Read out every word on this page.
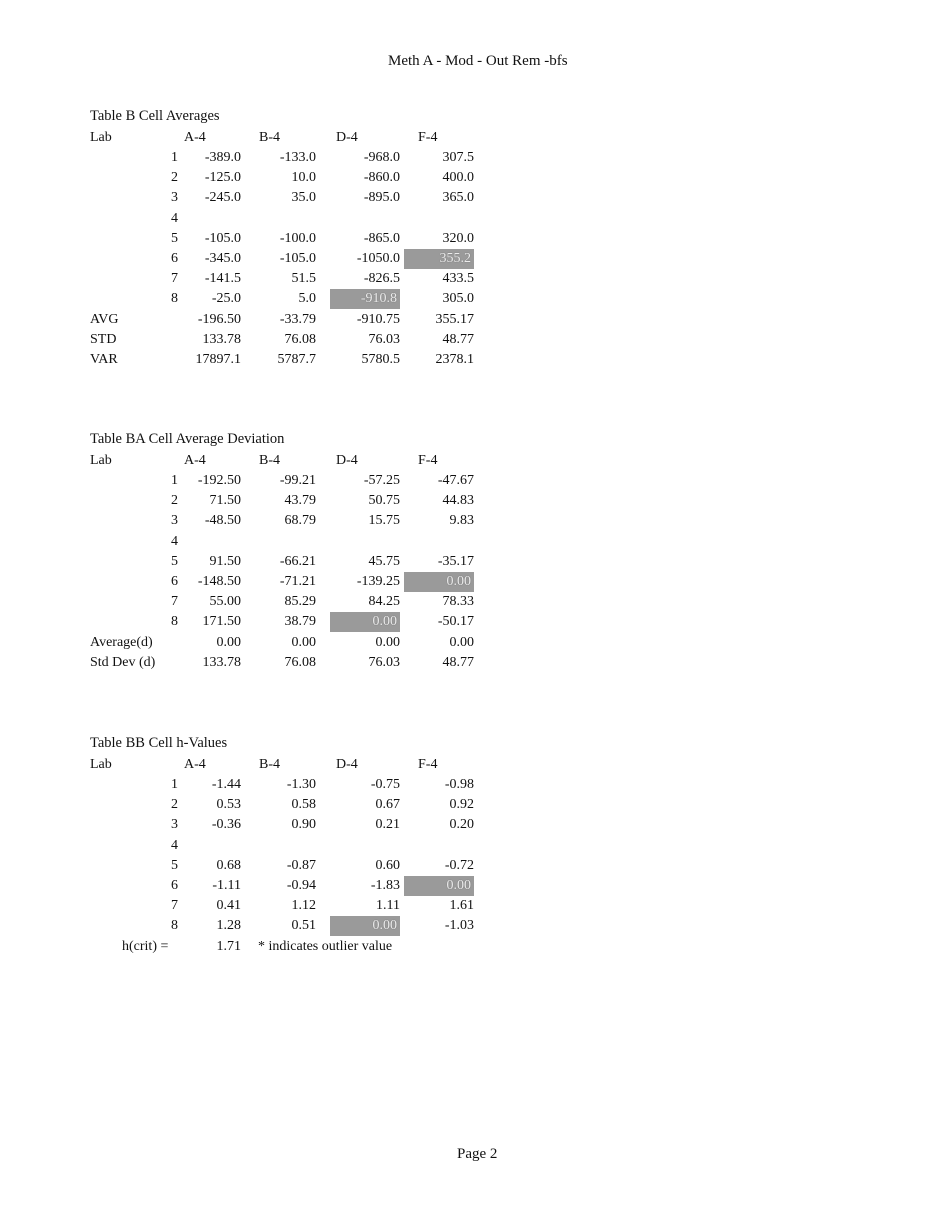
Meth A - Mod - Out Rem -bfs
Table B Cell Averages
Lab	A-4	B-4	D-4	F-4
1	-389.0	-133.0	-968.0	307.5
2	-125.0	10.0	-860.0	400.0
3	-245.0	35.0	-895.0	365.0
4
5	-105.0	-100.0	-865.0	320.0
6	-345.0	-105.0	-1050.0	355.2
7	-141.5	51.5	-826.5	433.5
8	-25.0	5.0	-910.8	305.0
AVG	-196.50	-33.79	-910.75	355.17
STD	133.78	76.08	76.03	48.77
VAR	17897.1	5787.7	5780.5	2378.1
Table BA Cell Average Deviation
Lab	A-4	B-4	D-4	F-4
1	-192.50	-99.21	-57.25	-47.67
2	71.50	43.79	50.75	44.83
3	-48.50	68.79	15.75	9.83
4
5	91.50	-66.21	45.75	-35.17
6	-148.50	-71.21	-139.25	0.00
7	55.00	85.29	84.25	78.33
8	171.50	38.79	0.00	-50.17
Average(d)	0.00	0.00	0.00	0.00
Std Dev (d)	133.78	76.08	76.03	48.77
Table BB Cell h-Values
Lab	A-4	B-4	D-4	F-4
1	-1.44	-1.30	-0.75	-0.98
2	0.53	0.58	0.67	0.92
3	-0.36	0.90	0.21	0.20
4
5	0.68	-0.87	0.60	-0.72
6	-1.11	-0.94	-1.83	0.00
7	0.41	1.12	1.11	1.61
8	1.28	0.51	0.00	-1.03
h(crit) =	1.71 * indicates outlier value
Page 2
